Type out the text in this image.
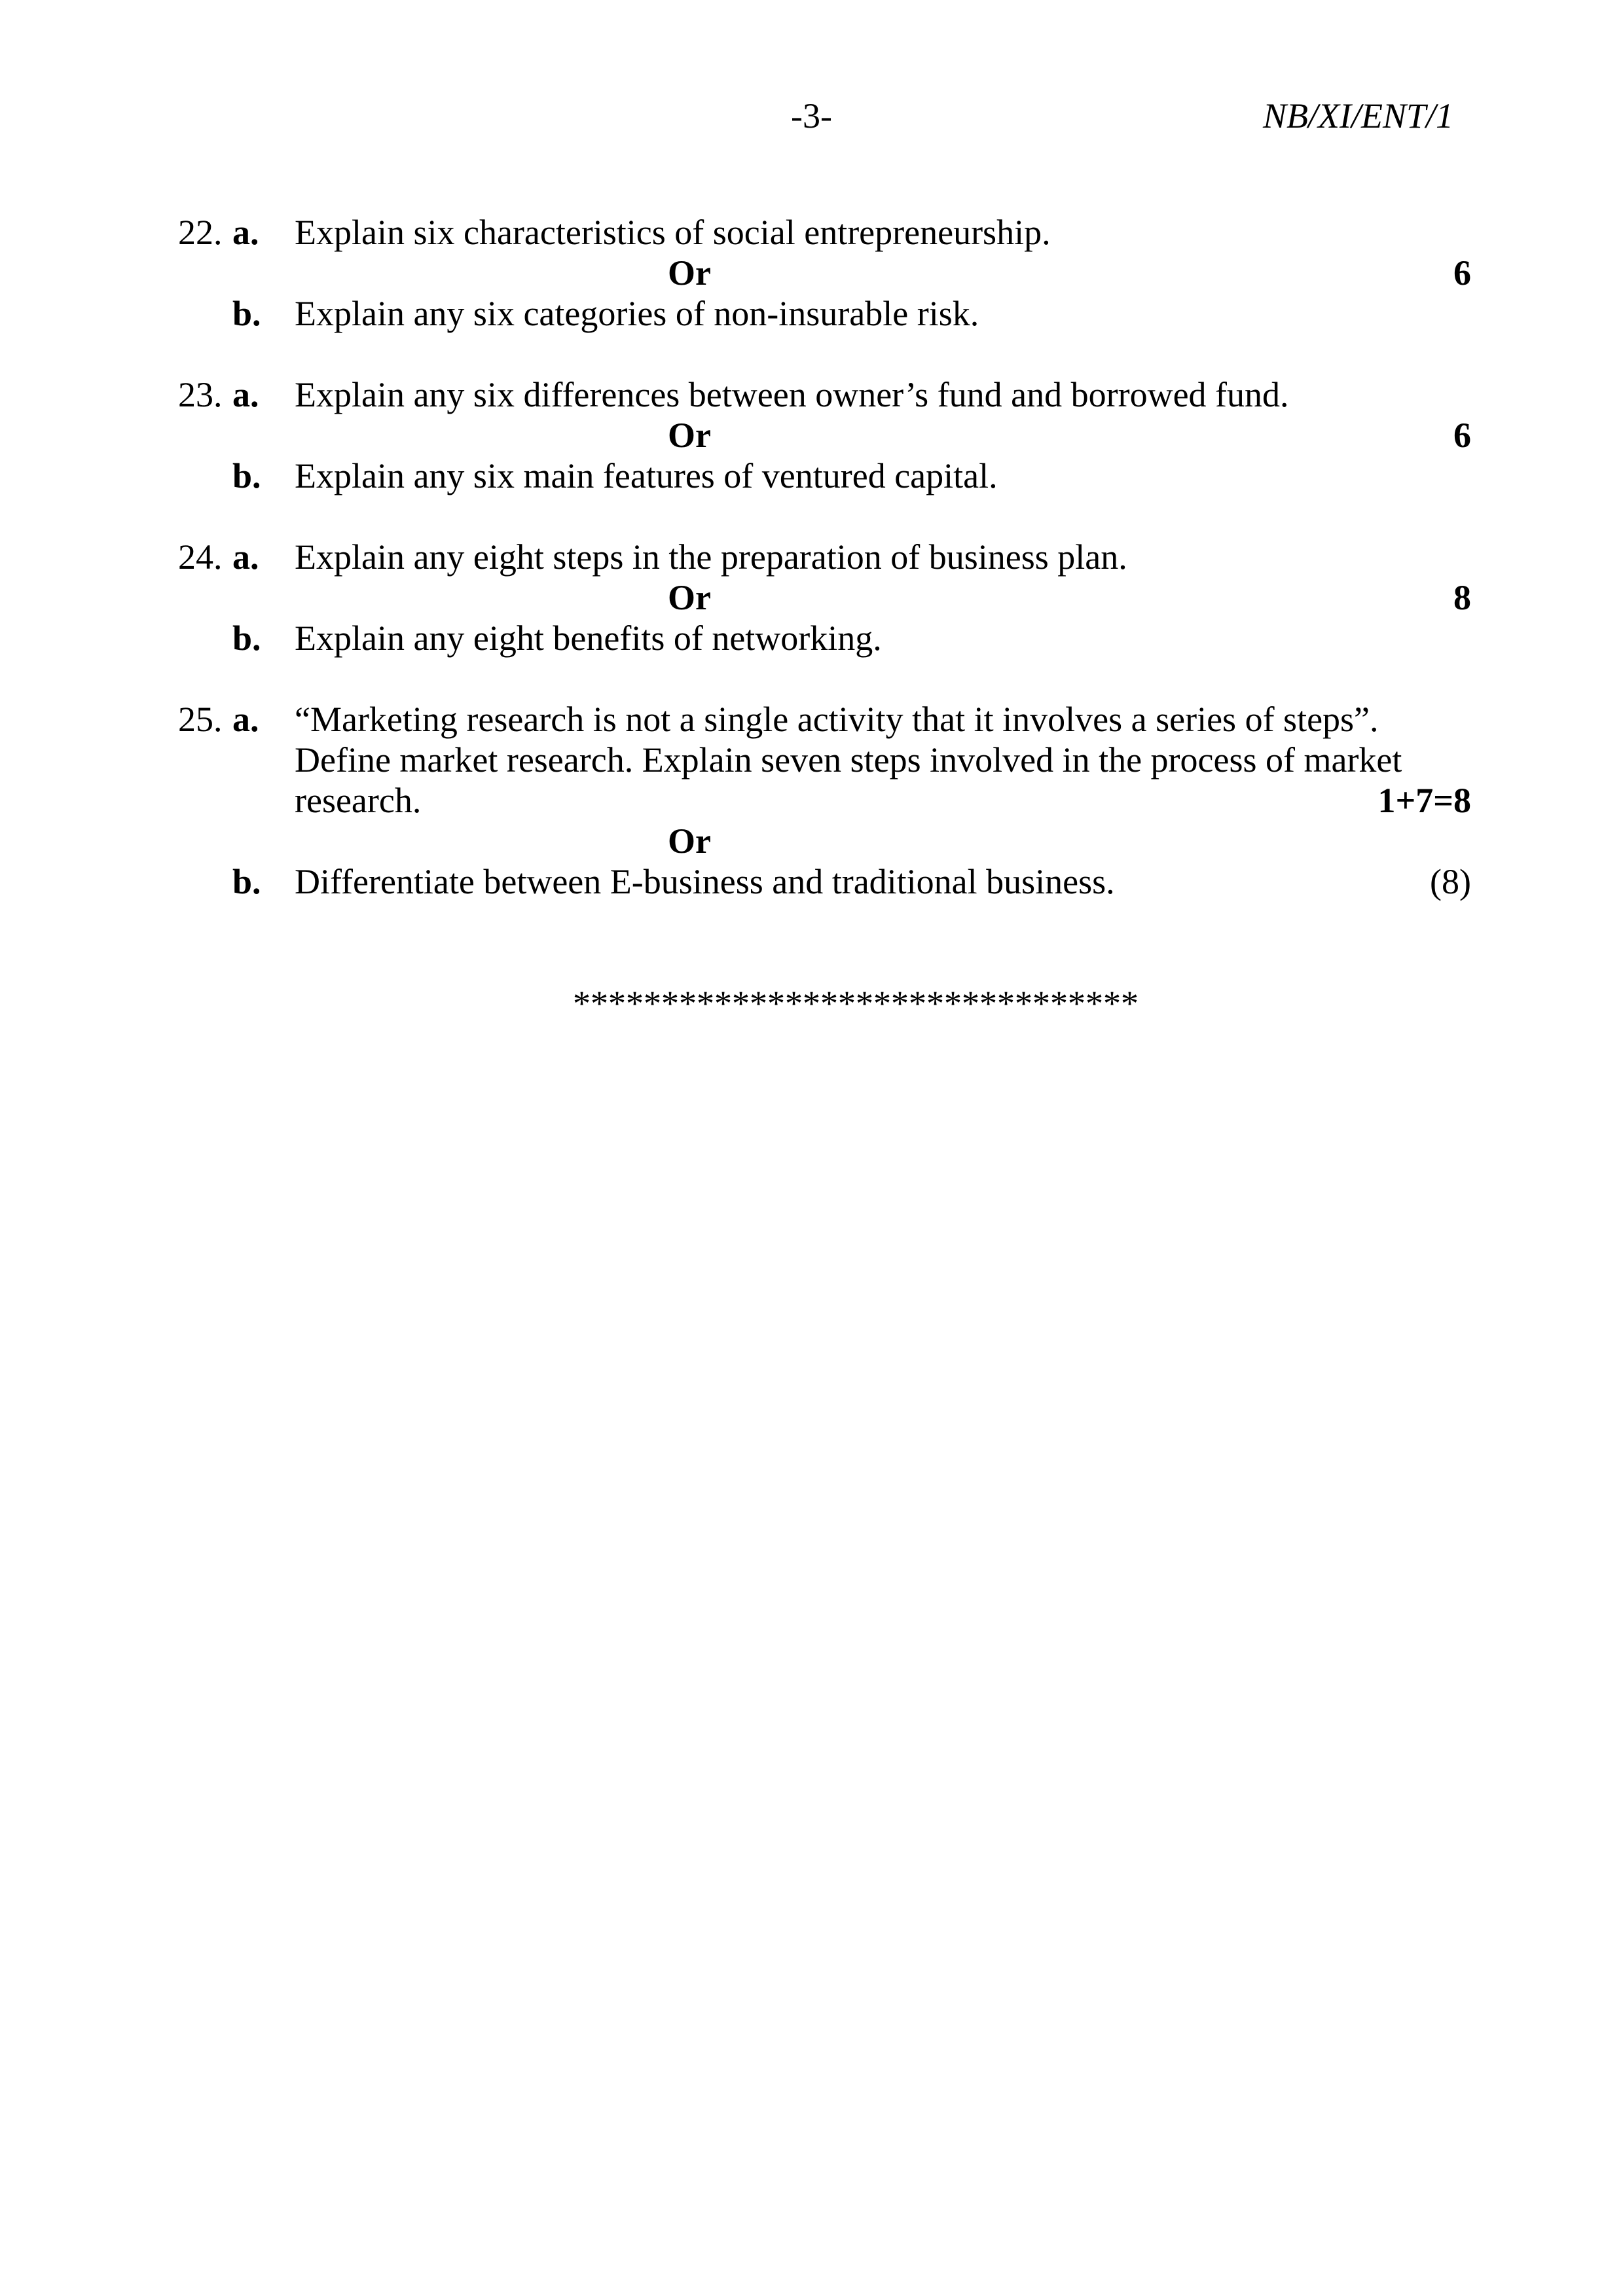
-3-	NB/XI/ENT/1
22. a. Explain six characteristics of social entrepreneurship.
Or	6
b. Explain any six categories of non-insurable risk.
23. a. Explain any six differences between owner’s fund and borrowed fund.
Or	6
b. Explain any six main features of ventured capital.
24. a. Explain any eight steps in the preparation of business plan.
Or	8
b. Explain any eight benefits of networking.
25. a. “Marketing research is not a single activity that it involves a series of steps”.
Define market research. Explain seven steps involved in the process of market
research.	1+7=8
Or
b. Differentiate between E-business and traditional business.	(8)
********************************
